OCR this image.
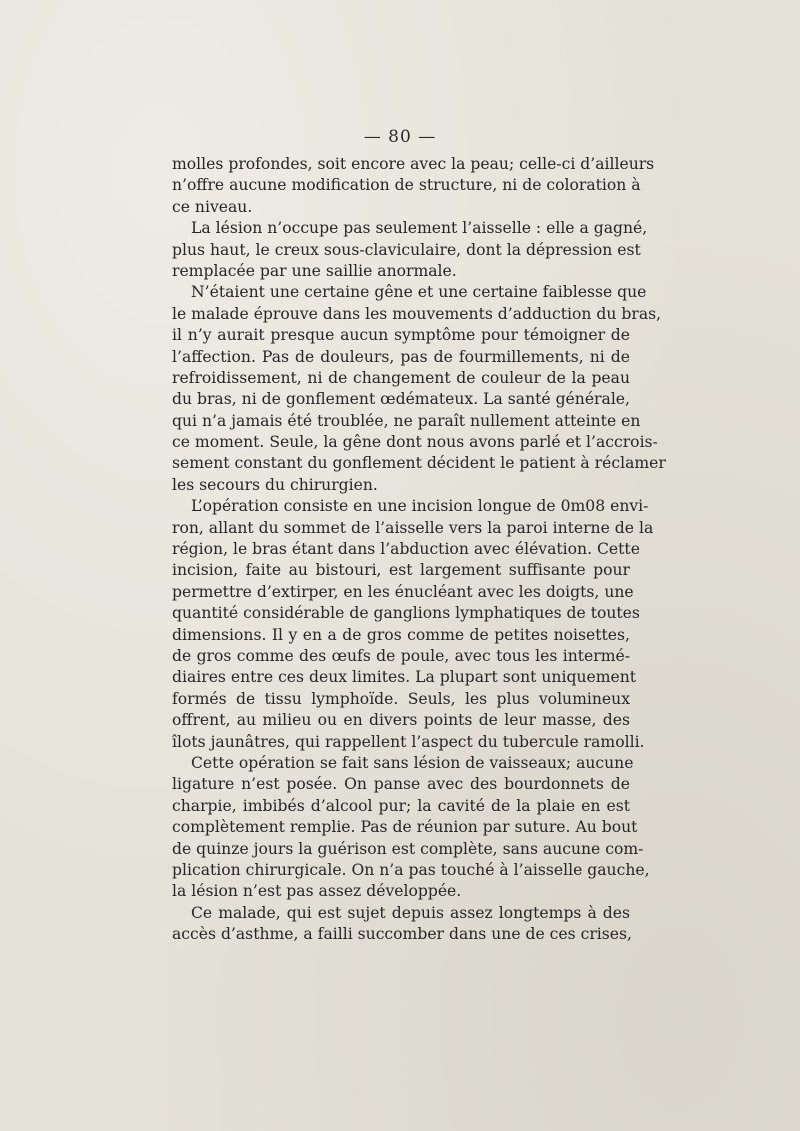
— 80 —
molles profondes, soit encore avec la peau; celle-ci d’ailleurs
n’offre aucune modification de structure, ni de coloration à
ce niveau.
La lésion n’occupe pas seulement l’aisselle : elle a gagné,
plus haut, le creux sous-claviculaire, dont la dépression est
remplacée par une saillie anormale.
N’étaient une certaine gêne et une certaine faiblesse que
le malade éprouve dans les mouvements d’adduction du bras,
il n’y aurait presque aucun symptôme pour témoigner de
l’affection. Pas de douleurs, pas de fourmillements, ni de
refroidissement, ni de changement de couleur de la peau
du bras, ni de gonflement œdémateux. La santé générale,
qui n’a jamais été troublée, ne paraît nullement atteinte en
ce moment. Seule, la gêne dont nous avons parlé et l’accrois-
sement constant du gonflement décident le patient à réclamer
les secours du chirurgien.
L’opération consiste en une incision longue de 0m08 envi-
ron, allant du sommet de l’aisselle vers la paroi interne de la
région, le bras étant dans l’abduction avec élévation. Cette
incision, faite au bistouri, est largement suffisante pour
permettre d’extirper, en les énucléant avec les doigts, une
quantité considérable de ganglions lymphatiques de toutes
dimensions. Il y en a de gros comme de petites noisettes,
de gros comme des œufs de poule, avec tous les intermé-
diaires entre ces deux limites. La plupart sont uniquement
formés de tissu lymphoïde. Seuls, les plus volumineux
offrent, au milieu ou en divers points de leur masse, des
îlots jaunâtres, qui rappellent l’aspect du tubercule ramolli.
Cette opération se fait sans lésion de vaisseaux; aucune
ligature n’est posée. On panse avec des bourdonnets de
charpie, imbibés d’alcool pur; la cavité de la plaie en est
complètement remplie. Pas de réunion par suture. Au bout
de quinze jours la guérison est complète, sans aucune com-
plication chirurgicale. On n’a pas touché à l’aisselle gauche,
la lésion n’est pas assez développée.
Ce malade, qui est sujet depuis assez longtemps à des
accès d’asthme, a failli succomber dans une de ces crises,
